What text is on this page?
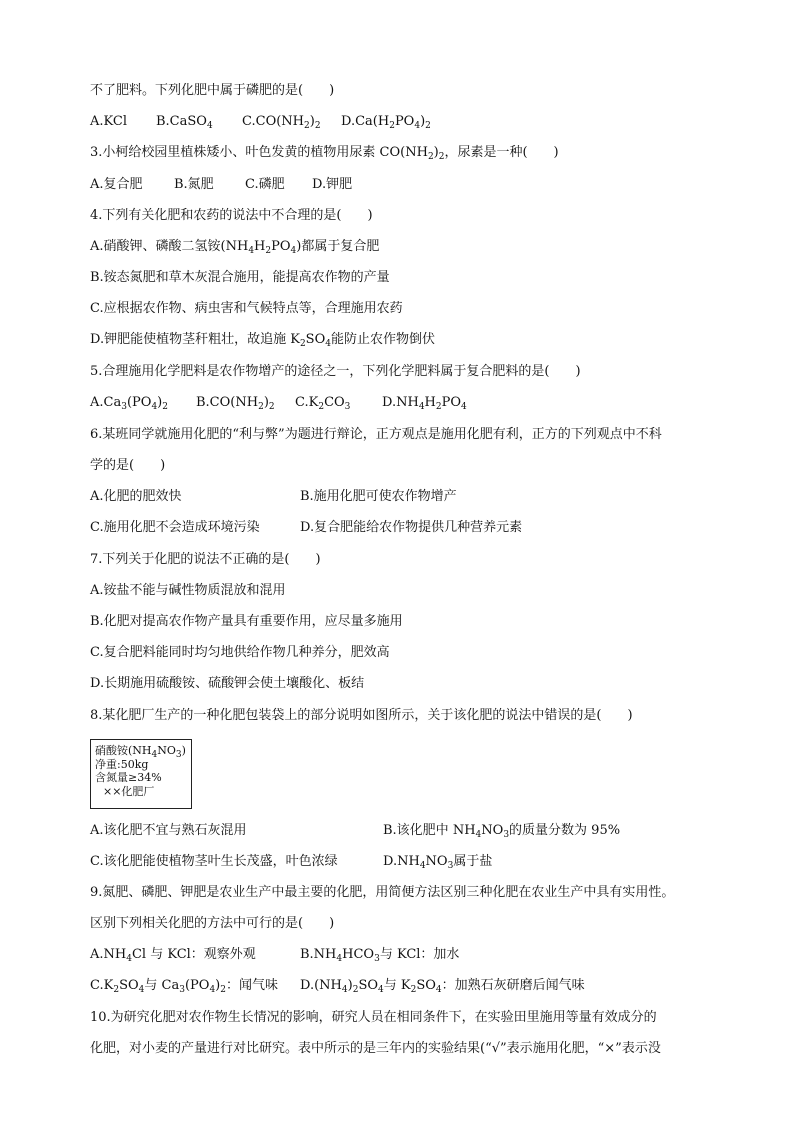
不了肥料。下列化肥中属于磷肥的是(　　)
A.KCl B.CaSO$_4$ $C.CO(NH_2)_2$ $D.Ca(H_2PO_4)_2$
3.小柯给校园里植株矮小、叶色发黄的植物用尿素 $CO(NH_2)_2$，尿素是一种(　　)
A.复合肥 B.氮肥 C.磷肥 D.钾肥
4.下列有关化肥和农药的说法中不合理的是(　　)
A.硝酸钾、磷酸二氢铵$(NH_4H_2PO_4)$都属于复合肥
B.铵态氮肥和草木灰混合施用，能提高农作物的产量
C.应根据农作物、病虫害和气候特点等，合理施用农药
D.钾肥能使植物茎秆粗壮，故追施 $K_2SO_4$能防止农作物倒伏
5.合理施用化学肥料是农作物增产的途径之一，下列化学肥料属于复合肥料的是(　　)
$A.Ca_3(PO_4)_2$ $B.CO(NH_2)_2$ $C.K_2CO_3$ $D.NH_4H_2PO_4$
6.某班同学就施用化肥的“利与弊”为题进行辩论，正方观点是施用化肥有利，正方的下列观点中不科
学的是(　　)
A.化肥的肥效快	B.施用化肥可使农作物增产
C.施用化肥不会造成环境污染	D.复合肥能给农作物提供几种营养元素
7.下列关于化肥的说法不正确的是(　　)
A.铵盐不能与碱性物质混放和混用
B.化肥对提高农作物产量具有重要作用，应尽量多施用
C.复合肥料能同时均匀地供给作物几种养分，肥效高
D.长期施用硫酸铵、硫酸钾会使土壤酸化、板结
8.某化肥厂生产的一种化肥包装袋上的部分说明如图所示，关于该化肥的说法中错误的是(　　)
硝酸铵$(NH_4NO_3)$
净重:50kg
含氮量≥34%
××化肥厂
A.该化肥不宜与熟石灰混用	B.该化肥中 $NH_4NO_3$的质量分数为 95%
C.该化肥能使植物茎叶生长茂盛，叶色浓绿	$D.NH_4NO_3$属于盐
9.氮肥、磷肥、钾肥是农业生产中最主要的化肥，用简便方法区别三种化肥在农业生产中具有实用性。
区别下列相关化肥的方法中可行的是(　　)
$A.NH_4Cl$ 与 KCl：观察外观	$B.NH_4HCO_3$与 KCl：加水
$C.K_2SO_4$与 $Ca_3(PO_4)_2$：闻气味 $D.(NH_4)_2SO_4$与 $K_2SO_4$：加熟石灰研磨后闻气味
10.为研究化肥对农作物生长情况的影响，研究人员在相同条件下，在实验田里施用等量有效成分的
化肥，对小麦的产量进行对比研究。表中所示的是三年内的实验结果(“√”表示施用化肥，“×”表示没
